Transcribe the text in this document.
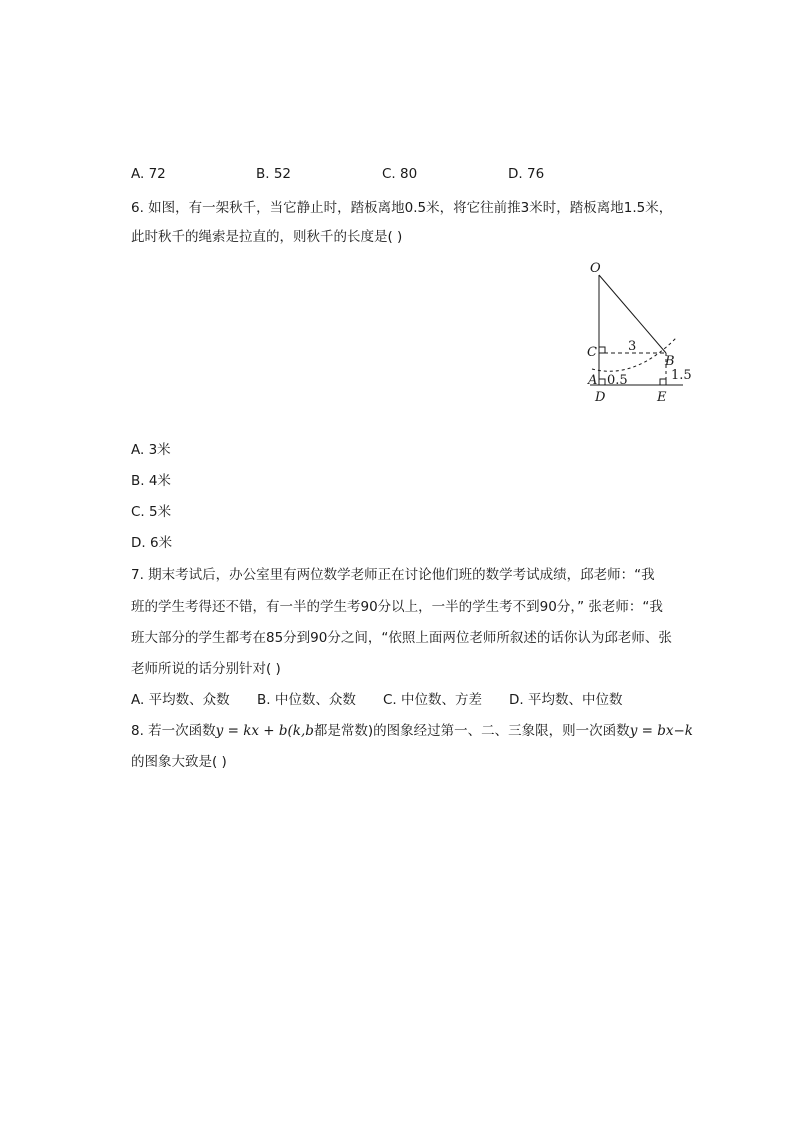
A. 72	B. 52	C. 80	D. 76
6. 如图，有一架秋千，当它静止时，踏板离地0.5米，将它往前推3米时，踏板离地1.5米，
此时秋千的绳索是拉直的，则秋千的长度是( )
O
C 3
B
1.5
A 0.5
D	E
A. 3米
B. 4米
C. 5米
D. 6米
7. 期末考试后，办公室里有两位数学老师正在讨论他们班的数学考试成绩，邱老师：“我
班的学生考得还不错，有一半的学生考90分以上，一半的学生考不到90分，” 张老师：“我
班大部分的学生都考在85分到90分之间，“依照上面两位老师所叙述的话你认为邱老师、张
老师所说的话分别针对( )
A. 平均数、众数 B. 中位数、众数 C. 中位数、方差 D. 平均数、中位数
8. 若一次函数y = kx + b(k,b都是常数)的图象经过第一、二、三象限，则一次函数y = bx−k
的图象大致是( )
